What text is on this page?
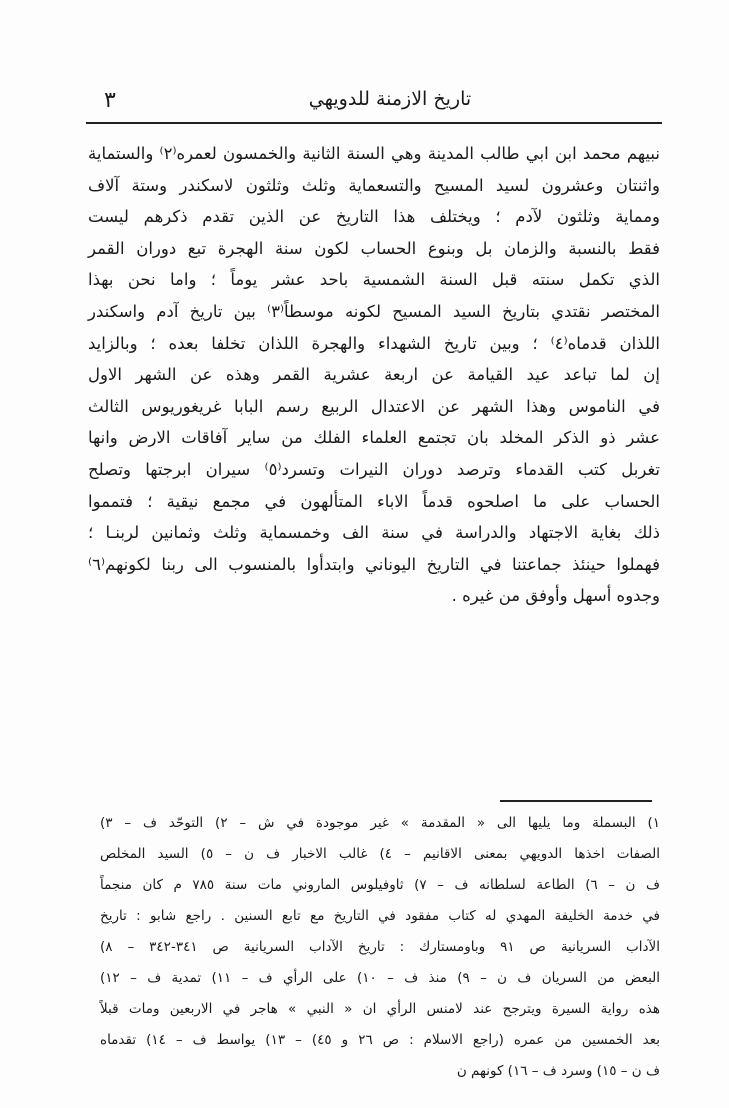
٣	تاريخ الازمنة للدويهي
نبيهم محمد ابن ابي طالب المدينة وهي السنة الثانية والخمسون لعمره⁽٢⁾ والستماية
واثنتان وعشرون لسيد المسيح والتسعماية وثلث وثلثون لاسكندر وستة آلاف
ومماية وثلثون لآدم ؛ ويختلف هذا التاريخ عن الذين تقدم ذكرهم ليست
فقط بالنسبة والزمان بل وبنوع الحساب لكون سنة الهجرة تبع دوران القمر
الذي تكمل سنته قبل السنة الشمسية باحد عشر يوماً ؛ واما نحن بهذا
المختصر نقتدي بتاريخ السيد المسيح لكونه موسطاً⁽٣⁾ بين تاريخ آدم واسكندر
اللذان قدماه⁽٤⁾ ؛ وبين تاريخ الشهداء والهجرة اللذان تخلفا بعده ؛ وبالزايد
إن لما تباعد عيد القيامة عن اربعة عشرية القمر وهذه عن الشهر الاول
في الناموس وهذا الشهر عن الاعتدال الربيع رسم البابا غريغوريوس الثالث
عشر ذو الذكر المخلد بان تجتمع العلماء الفلك من ساير آفاقات الارض وانها
تغربل كتب القدماء وترصد دوران النيرات وتسرد⁽٥⁾ سيران ابرجتها وتصلح
الحساب على ما اصلحوه قدماً الاباء المتألهون في مجمع نيقية ؛ فتمموا
ذلك بغاية الاجتهاد والدراسة في سنة الف وخمسماية وثلث وثمانين لربنـا ؛
فهملوا حينئذ جماعتنا في التاريخ اليوناني وابتدأوا بالمنسوب الى ربنا لكونهم⁽٦⁾
وجدوه أسهل وأوفق من غيره .
١) البسملة وما يليها الى « المقدمة » غير موجودة في ش – ٢) التوحّد ف – ٣)
الصفات اخذها الدويهي بمعنى الاقانيم – ٤) غالب الاخبار ف ن – ٥) السيد المخلص
ف ن – ٦) الطاعة لسلطانه ف – ٧) ثاوفيلوس الماروني مات سنة ٧٨٥ م كان منجماً
في خدمة الخليفة المهدي له كتاب مفقود في التاريخ مع تابع السنين . راجع شابو : تاريخ
الآداب السريانية ص ٩١ وباومستارك : تاريخ الآداب السريانية ص ٣٤١-٣٤٢ – ٨)
البعض من السريان ف ن – ٩) منذ ف – ١٠) على الرأي ف – ١١) تمدية ف – ١٢)
هذه رواية السيرة ويترجح عند لامنس الرأي ان « النبي » هاجر في الاربعين ومات قبلاً
بعد الخمسين من عمره (راجع الاسلام : ص ٢٦ و ٤٥) – ١٣) يواسط ف – ١٤) تقدماه
ف ن – ١٥) وسرد ف – ١٦) كونهم ن
